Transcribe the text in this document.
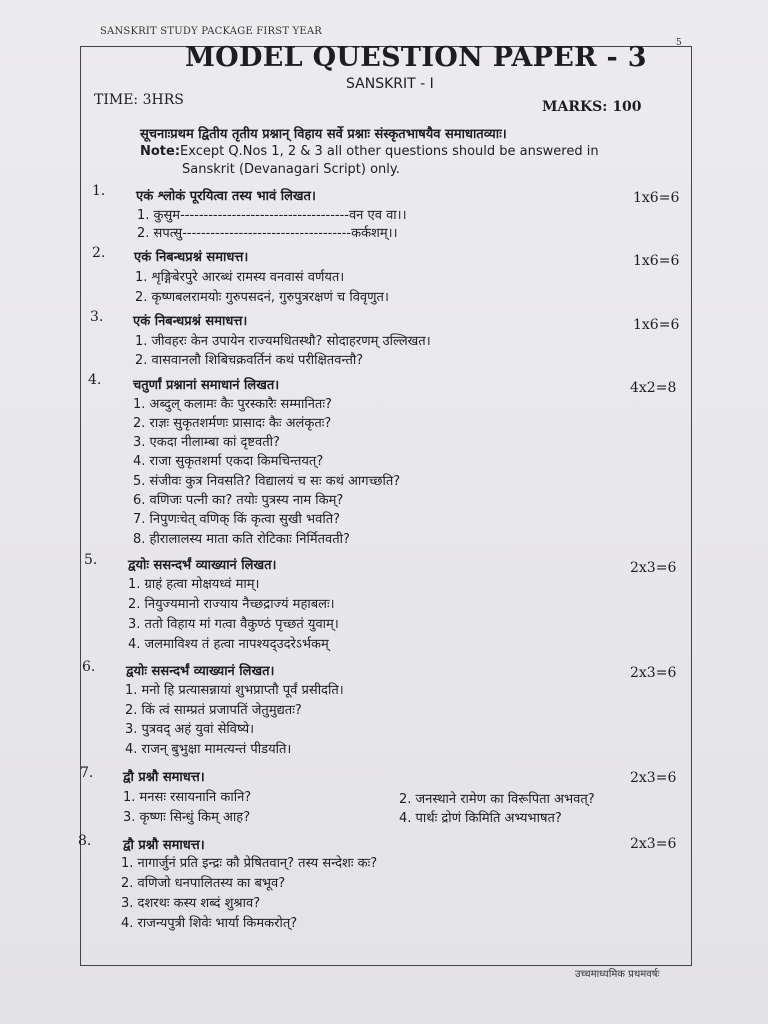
SANSKRIT STUDY PACKAGE FIRST YEAR
5
MODEL QUESTION PAPER - 3
SANSKRIT - I
TIME: 3HRS	MARKS: 100
सूचनाःप्रथम द्वितीय तृतीय प्रश्नान् विहाय सर्वे प्रश्नाः संस्कृतभाषयैव समाधातव्याः।
Note:Except Q.Nos 1, 2 & 3 all other questions should be answered in
Sanskrit (Devanagari Script) only.
1. एकं श्लोकं पूरयित्वा तस्य भावं लिखत।	1x6=6
1. कुसुम------------------------------------वन एव वा।।
2. सपत्सु------------------------------------कर्कशम्।।
2. एकं निबन्धप्रश्नं समाधत्त।	1x6=6
1. शृङ्गिबेरपुरे आरब्धं रामस्य वनवासं वर्णयत।
2. कृष्णबलरामयोः गुरुपसदनं, गुरुपुत्ररक्षणं च विवृणुत।
3. एकं निबन्धप्रश्नं समाधत्त।	1x6=6
1. जीवहरः केन उपायेन राज्यमधितस्थौ? सोदाहरणम् उल्लिखत।
2. वासवानलौ शिबिचक्रवर्तिनं कथं परीक्षितवन्तौ?
4. चतुर्णां प्रश्नानां समाधानं लिखत।	4x2=8
1. अब्दुल् कलामः कैः पुरस्कारैः सम्मानितः?
2. राज्ञः सुकृतशर्मणः प्रासादः कैः अलंकृतः?
3. एकदा नीलाम्बा कां दृष्टवती?
4. राजा सुकृतशर्मा एकदा किमचिन्तयत्?
5. संजीवः कुत्र निवसति? विद्यालयं च सः कथं आगच्छति?
6. वणिजः पत्नी का? तयोः पुत्रस्य नाम किम्?
7. निपुणःचेत् वणिक् किं कृत्वा सुखी भवति?
8. हीरालालस्य माता कति रोटिकाः निर्मितवती?
5. द्वयोः ससन्दर्भं व्याख्यानं लिखत।	2x3=6
1. ग्राहं हत्वा मोक्षयध्वं माम्।
2. नियुज्यमानो राज्याय नैच्छद्राज्यं महाबलः।
3. ततो विहाय मां गत्वा वैकुण्ठं पृच्छतं युवाम्।
4. जलमाविश्य तं हत्वा नापश्यद्उदरेऽर्भकम्
6. द्वयोः ससन्दर्भं व्याख्यानं लिखत।	2x3=6
1. मनो हि प्रत्यासन्नायां शुभप्राप्तौ पूर्वं प्रसीदति।
2. किं त्वं साम्प्रतं प्रजापतिं जेतुमुद्यतः?
3. पुत्रवद् अहं युवां सेविष्ये।
4. राजन् बुभुक्षा मामत्यन्तं पीडयति।
7. द्वौ प्रश्नौ समाधत्त।	2x3=6
1. मनसः रसायनानि कानि?	2. जनस्थाने रामेण का विरूपिता अभवत्?
3. कृष्णः सिन्धुं किम् आह?	4. पार्थः द्रोणं किमिति अभ्यभाषत?
8. द्वौ प्रश्नौ समाधत्त।	2x3=6
1. नागार्जुनं प्रति इन्द्रः कौ प्रेषितवान्? तस्य सन्देशः कः?
2. वणिजो धनपालितस्य का बभूव?
3. दशरथः कस्य शब्दं शुश्राव?
4. राजन्यपुत्री शिवेः भार्या किमकरोत्?
उच्चमाध्यमिक प्रथमवर्षः
